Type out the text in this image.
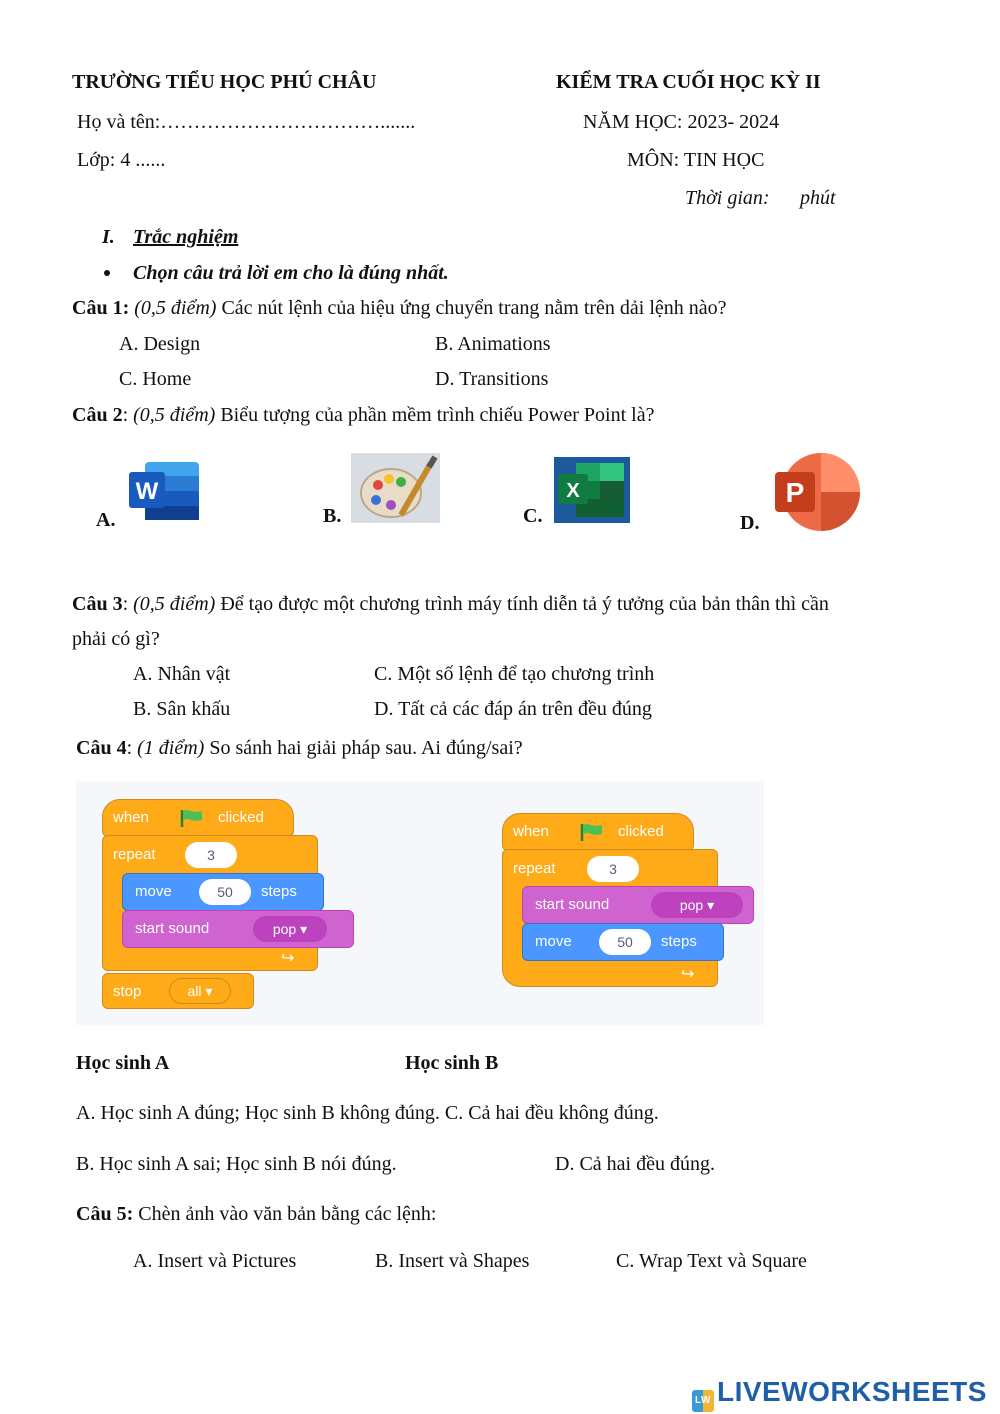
TRƯỜNG TIỂU HỌC PHÚ CHÂU	KIỂM TRA CUỐI HỌC KỲ II
Họ và tên:…………………………….......	NĂM HỌC: 2023- 2024
Lớp: 4 ......	MÔN: TIN HỌC
Thời gian: phút
I. Trắc nghiệm
Chọn câu trả lời em cho là đúng nhất.
Câu 1: (0,5 điểm) Các nút lệnh của hiệu ứng chuyển trang nằm trên dải lệnh nào?
A. Design	B. Animations
C. Home	D. Transitions
Câu 2: (0,5 điểm) Biểu tượng của phần mềm trình chiếu Power Point là?
A.
W
B.	C.
X
D.
P
Câu 3: (0,5 điểm) Để tạo được một chương trình máy tính diễn tả ý tưởng của bản thân thì cần
phải có gì?
A. Nhân vật	C. Một số lệnh để tạo chương trình
B. Sân khấu	D. Tất cả các đáp án trên đều đúng
Câu 4: (1 điểm) So sánh hai giải pháp sau. Ai đúng/sai?
when	clicked
repeat	3
↪
move	50	steps
start sound	pop ▾
stop	all ▾
when	clicked
repeat	3
↪
start sound	pop ▾
move	50	steps
Học sinh A	Học sinh B
A. Học sinh A đúng; Học sinh B không đúng. C. Cả hai đều không đúng.
B. Học sinh A sai; Học sinh B nói đúng.	D. Cả hai đều đúng.
Câu 5: Chèn ảnh vào văn bản bằng các lệnh:
A. Insert và Pictures	B. Insert và Shapes	C. Wrap Text và Square
LW LIVEWORKSHEETS
